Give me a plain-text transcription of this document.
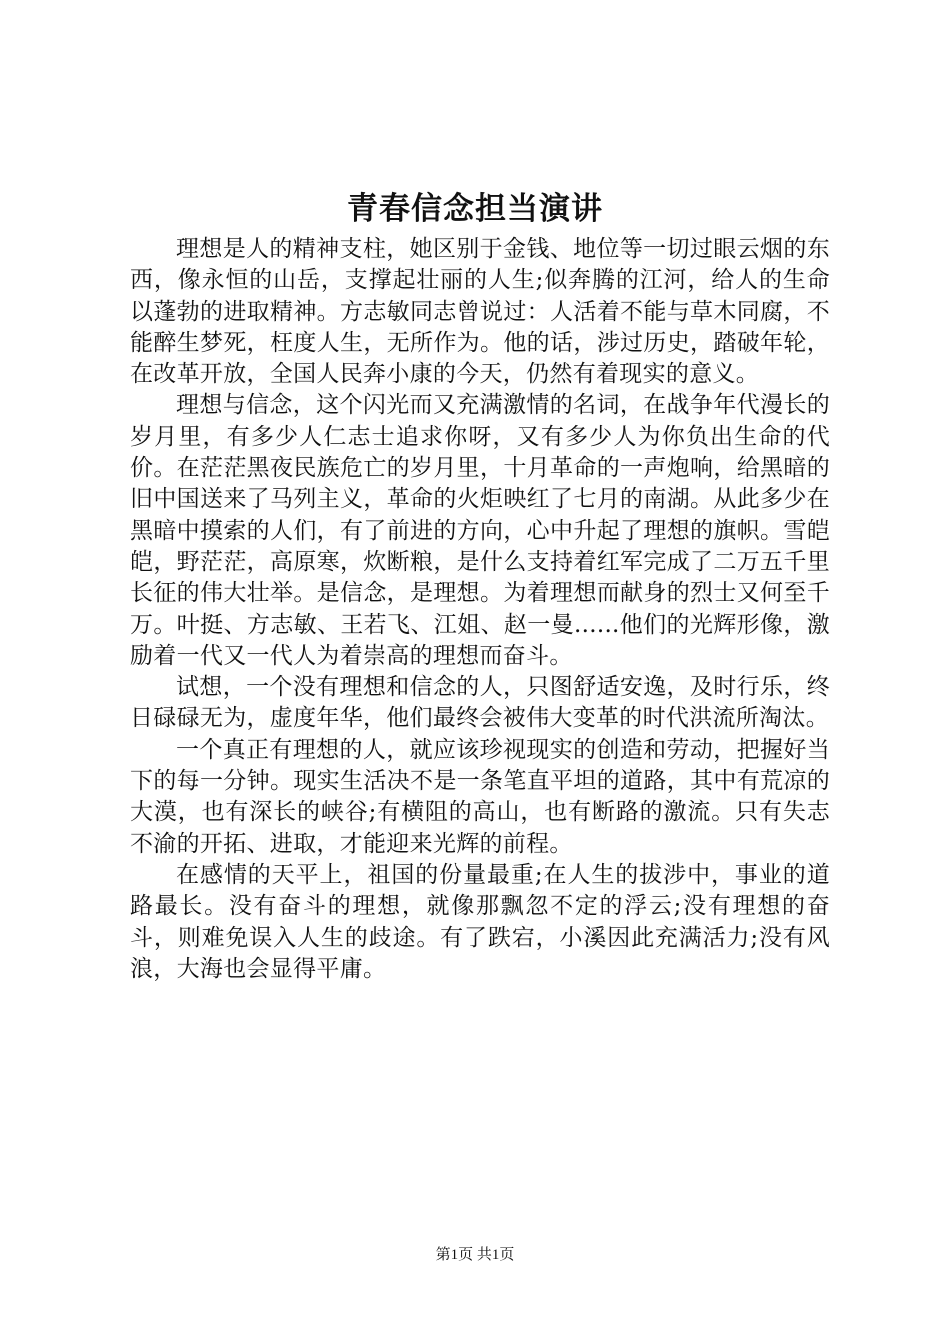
青春信念担当演讲

理想是人的精神支柱，她区别于金钱、地位等一切过眼云烟的东西，像永恒的山岳，支撑起壮丽的人生;似奔腾的江河，给人的生命以蓬勃的进取精神。方志敏同志曾说过：人活着不能与草木同腐，不能醉生梦死，枉度人生，无所作为。他的话，涉过历史，踏破年轮，在改革开放，全国人民奔小康的今天，仍然有着现实的意义。

理想与信念，这个闪光而又充满激情的名词，在战争年代漫长的岁月里，有多少人仁志士追求你呀，又有多少人为你负出生命的代价。在茫茫黑夜民族危亡的岁月里，十月革命的一声炮响，给黑暗的旧中国送来了马列主义，革命的火炬映红了七月的南湖。从此多少在黑暗中摸索的人们，有了前进的方向，心中升起了理想的旗帜。雪皑皑，野茫茫，高原寒，炊断粮，是什么支持着红军完成了二万五千里长征的伟大壮举。是信念，是理想。为着理想而献身的烈士又何至千万。叶挺、方志敏、王若飞、江姐、赵一曼......他们的光辉形像，激励着一代又一代人为着崇高的理想而奋斗。

试想，一个没有理想和信念的人，只图舒适安逸，及时行乐，终日碌碌无为，虚度年华，他们最终会被伟大变革的时代洪流所淘汰。

一个真正有理想的人，就应该珍视现实的创造和劳动，把握好当下的每一分钟。现实生活决不是一条笔直平坦的道路，其中有荒凉的大漠，也有深长的峡谷;有横阻的高山，也有断路的激流。只有失志不渝的开拓、进取，才能迎来光辉的前程。

在感情的天平上，祖国的份量最重;在人生的拔涉中，事业的道路最长。没有奋斗的理想，就像那飘忽不定的浮云;没有理想的奋斗，则难免误入人生的歧途。有了跌宕，小溪因此充满活力;没有风浪，大海也会显得平庸。

第1页 共1页
